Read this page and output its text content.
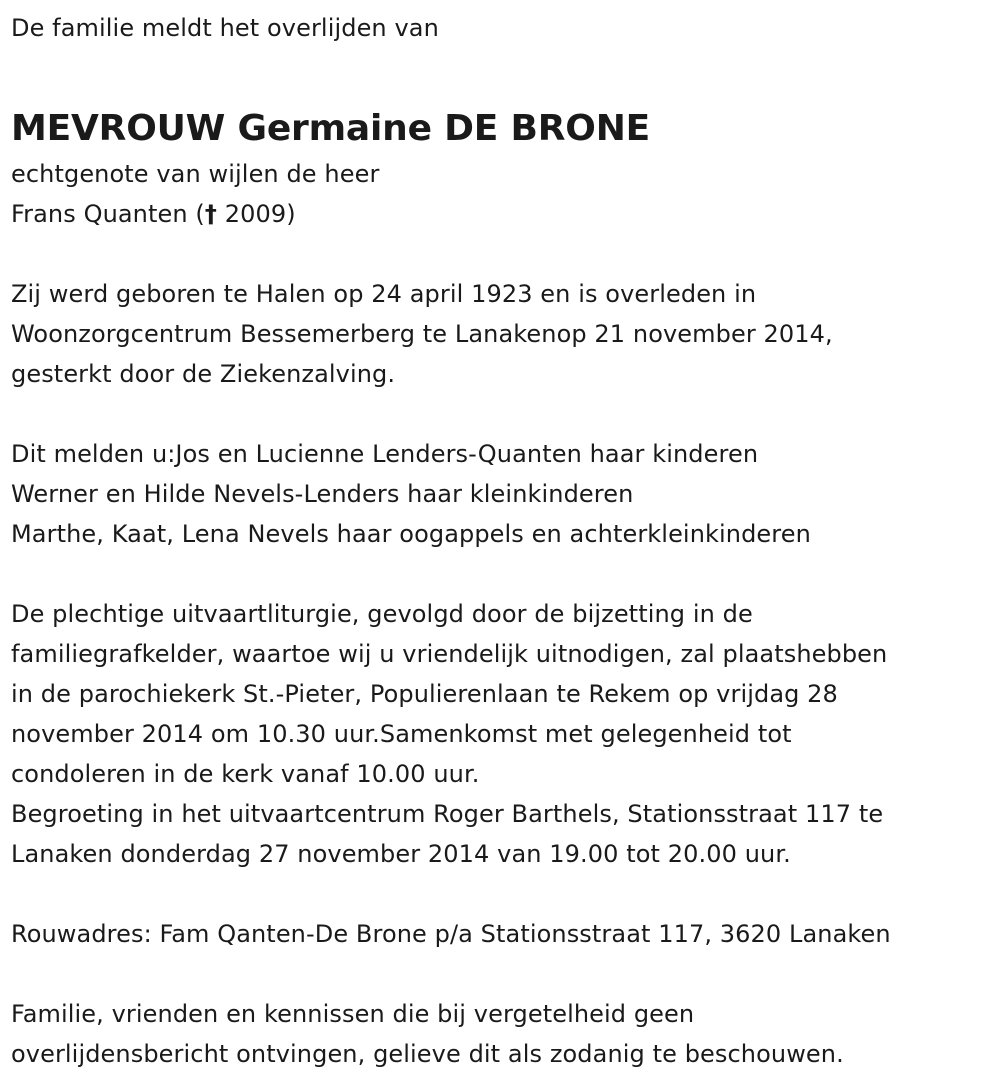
De familie meldt het overlijden van
MEVROUW Germaine DE BRONE
echtgenote van wijlen de heer
Frans Quanten († 2009)
Zij werd geboren te Halen op 24 april 1923 en is overleden in
Woonzorgcentrum Bessemerberg te Lanakenop 21 november 2014,
gesterkt door de Ziekenzalving.
Dit melden u:Jos en Lucienne Lenders-Quanten haar kinderen
Werner en Hilde Nevels-Lenders haar kleinkinderen
Marthe, Kaat, Lena Nevels haar oogappels en achterkleinkinderen
De plechtige uitvaartliturgie, gevolgd door de bijzetting in de
familiegrafkelder, waartoe wij u vriendelijk uitnodigen, zal plaatshebben
in de parochiekerk St.-Pieter, Populierenlaan te Rekem op vrijdag 28
november 2014 om 10.30 uur.Samenkomst met gelegenheid tot
condoleren in de kerk vanaf 10.00 uur.
Begroeting in het uitvaartcentrum Roger Barthels, Stationsstraat 117 te
Lanaken donderdag 27 november 2014 van 19.00 tot 20.00 uur.
Rouwadres: Fam Qanten-De Brone p/a Stationsstraat 117, 3620 Lanaken
Familie, vrienden en kennissen die bij vergetelheid geen
overlijdensbericht ontvingen, gelieve dit als zodanig te beschouwen.
